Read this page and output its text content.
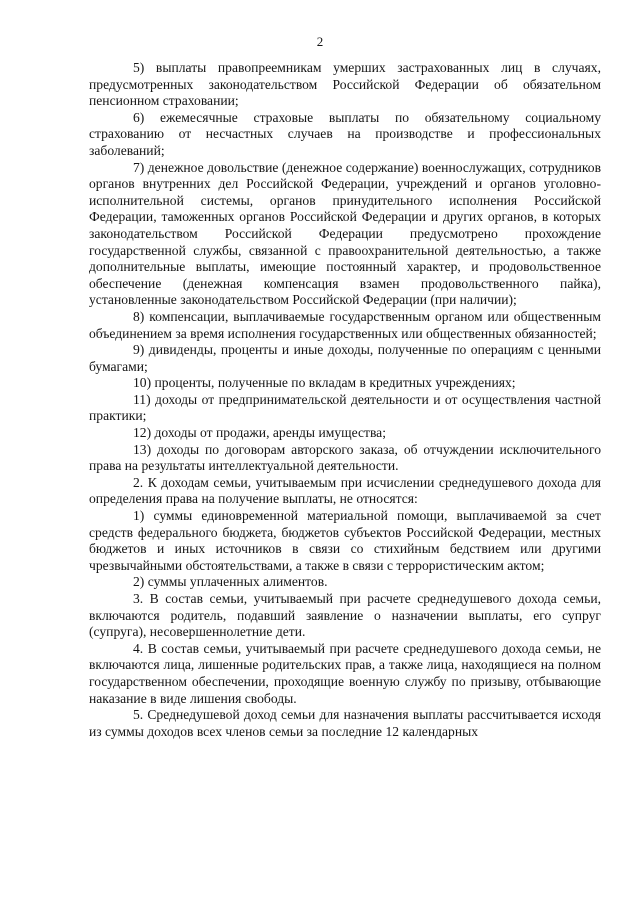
2

5) выплаты правопреемникам умерших застрахованных лиц в случаях, предусмотренных законодательством Российской Федерации об обязательном пенсионном страховании;

6) ежемесячные страховые выплаты по обязательному социальному страхованию от несчастных случаев на производстве и профессиональных заболеваний;

7) денежное довольствие (денежное содержание) военнослужащих, сотрудников органов внутренних дел Российской Федерации, учреждений и органов уголовно-исполнительной системы, органов принудительного исполнения Российской Федерации, таможенных органов Российской Федерации и других органов, в которых законодательством Российской Федерации предусмотрено прохождение государственной службы, связанной с правоохранительной деятельностью, а также дополнительные выплаты, имеющие постоянный характер, и продовольственное обеспечение (денежная компенсация взамен продовольственного пайка), установленные законодательством Российской Федерации (при наличии);

8) компенсации, выплачиваемые государственным органом или общественным объединением за время исполнения государственных или общественных обязанностей;

9) дивиденды, проценты и иные доходы, полученные по операциям с ценными бумагами;

10) проценты, полученные по вкладам в кредитных учреждениях;

11) доходы от предпринимательской деятельности и от осуществления частной практики;

12) доходы от продажи, аренды имущества;

13) доходы по договорам авторского заказа, об отчуждении исключительного права на результаты интеллектуальной деятельности.

2. К доходам семьи, учитываемым при исчислении среднедушевого дохода для определения права на получение выплаты, не относятся:

1) суммы единовременной материальной помощи, выплачиваемой за счет средств федерального бюджета, бюджетов субъектов Российской Федерации, местных бюджетов и иных источников в связи со стихийным бедствием или другими чрезвычайными обстоятельствами, а также в связи с террористическим актом;

2) суммы уплаченных алиментов.

3. В состав семьи, учитываемый при расчете среднедушевого дохода семьи, включаются родитель, подавший заявление о назначении выплаты, его супруг (супруга), несовершеннолетние дети.

4. В состав семьи, учитываемый при расчете среднедушевого дохода семьи, не включаются лица, лишенные родительских прав, а также лица, находящиеся на полном государственном обеспечении, проходящие военную службу по призыву, отбывающие наказание в виде лишения свободы.

5. Среднедушевой доход семьи для назначения выплаты рассчитывается исходя из суммы доходов всех членов семьи за последние 12 календарных
